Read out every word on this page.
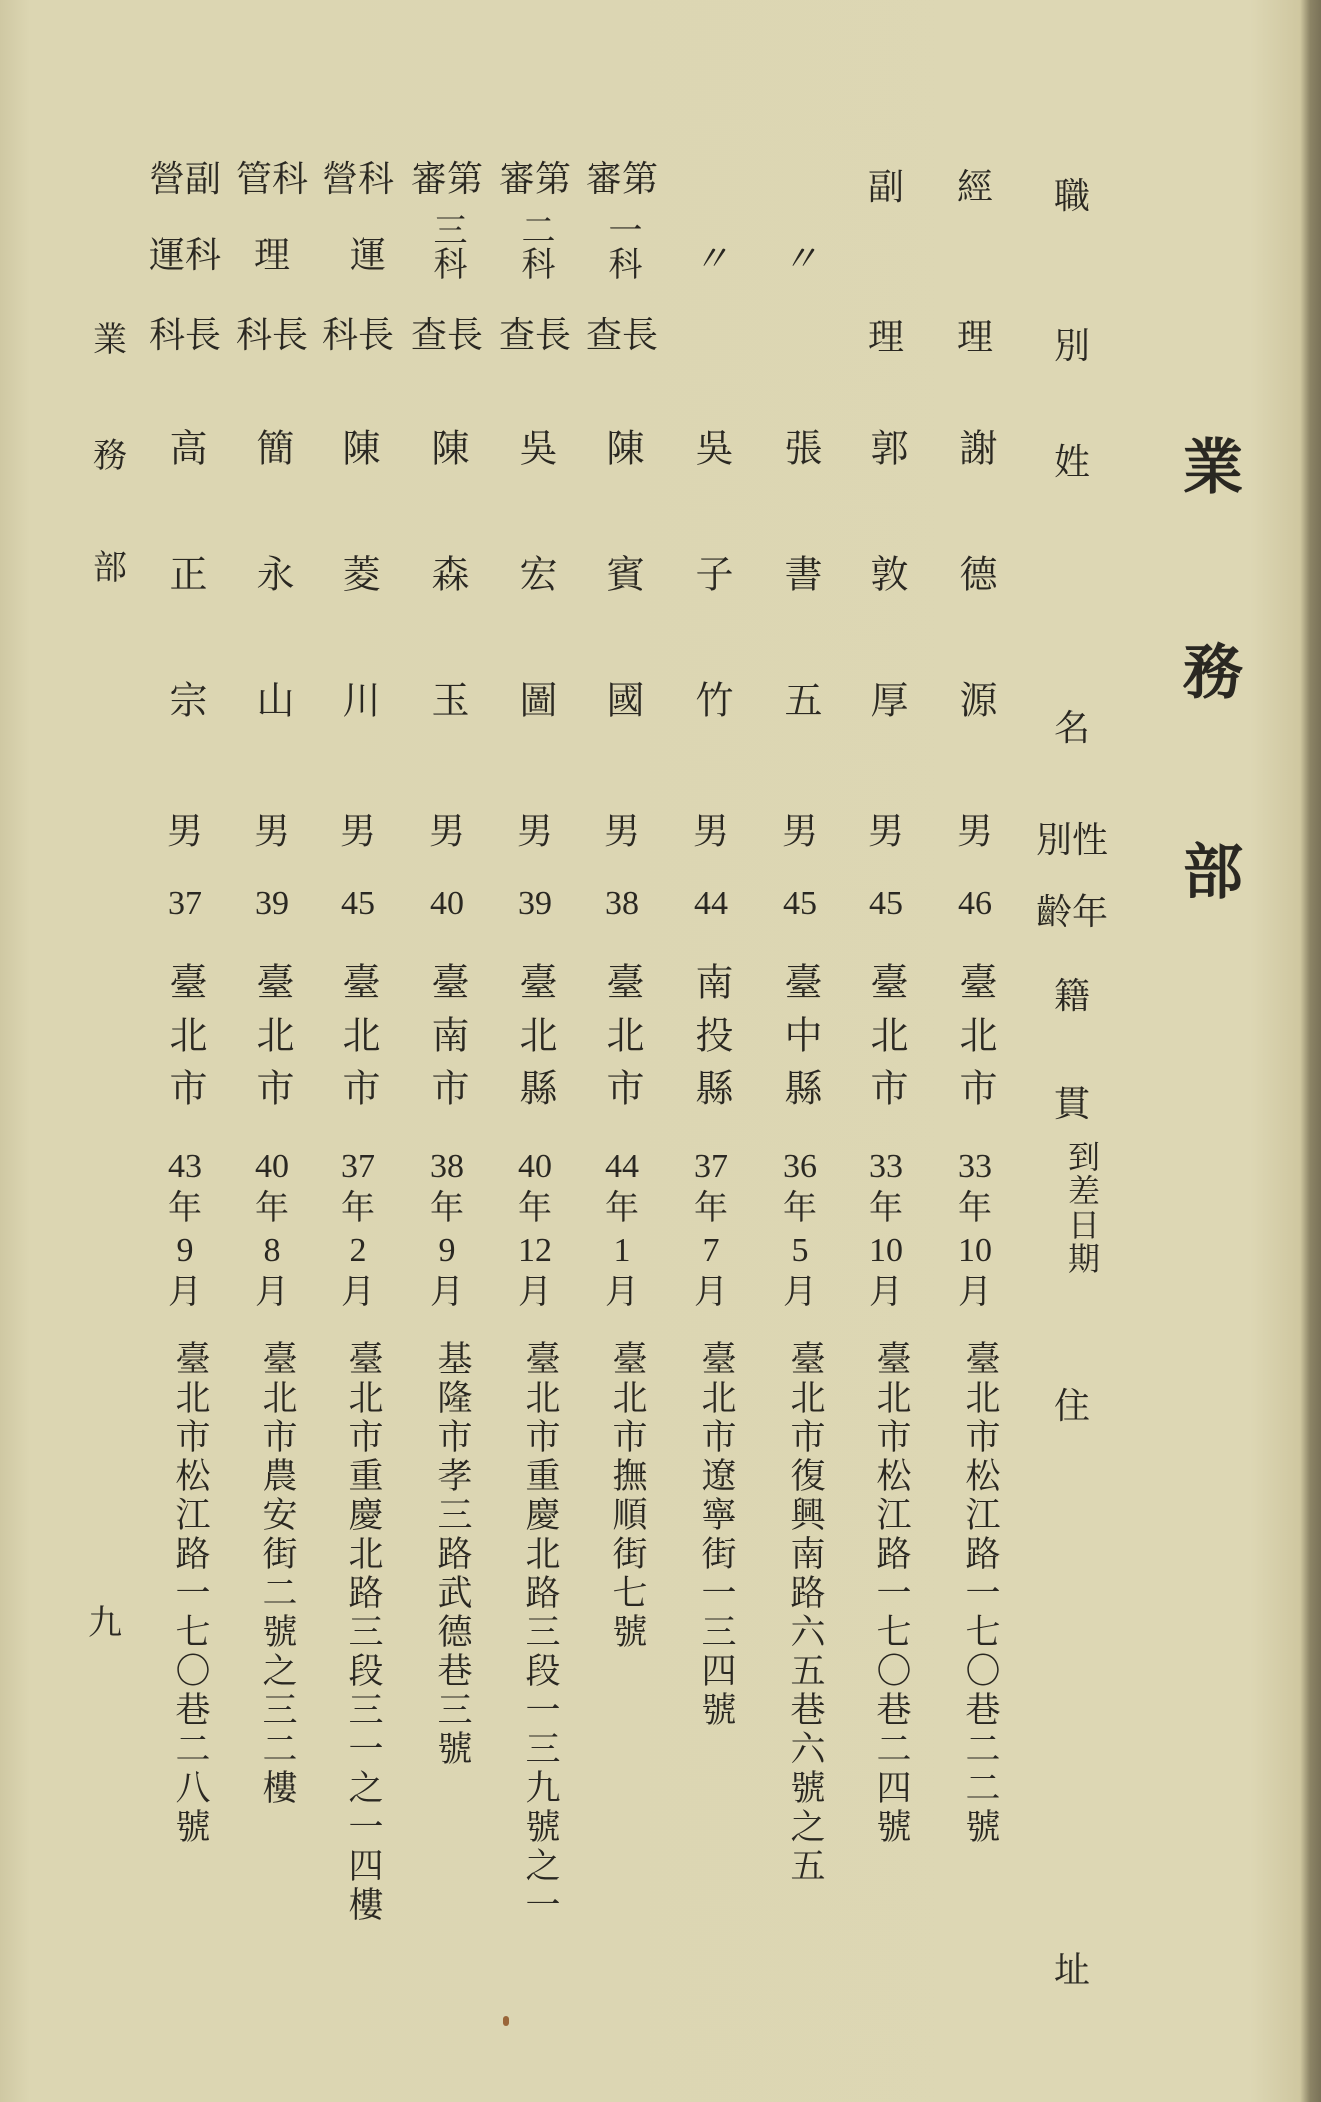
業
務
部
業
務
部
九
職
別
姓
名
別性
齡年
籍
貫
到差日期
住
址
經
理
副
理
〃
〃
審第
一科
查長
審第
二科
查長
審第
三科
查長
營科
運
科長
管科
理
科長
營副
運科
科長
謝德源
郭敦厚
張書五
吳子竹
陳賓國
吳宏圖
陳森玉
陳菱川
簡永山
高正宗
男
男
男
男
男
男
男
男
男
男
46
45
45
44
38
39
40
45
39
37
臺北市
臺北市
臺中縣
南投縣
臺北市
臺北縣
臺南市
臺北市
臺北市
臺北市
33
年
10
月
33
年
10
月
36
年
5
月
37
年
7
月
44
年
1
月
40
年
12
月
38
年
9
月
37
年
2
月
40
年
8
月
43
年
9
月
臺北市松江路一七〇巷二二號
臺北市松江路一七〇巷二四號
臺北市復興南路六五巷六號之五
臺北市遼寧街一三四號
臺北市撫順街七號
臺北市重慶北路三段一三九號之一
基隆市孝三路武德巷三號
臺北市重慶北路三段三一之一四樓
臺北市農安街二號之三二樓
臺北市松江路一七〇巷二八號
